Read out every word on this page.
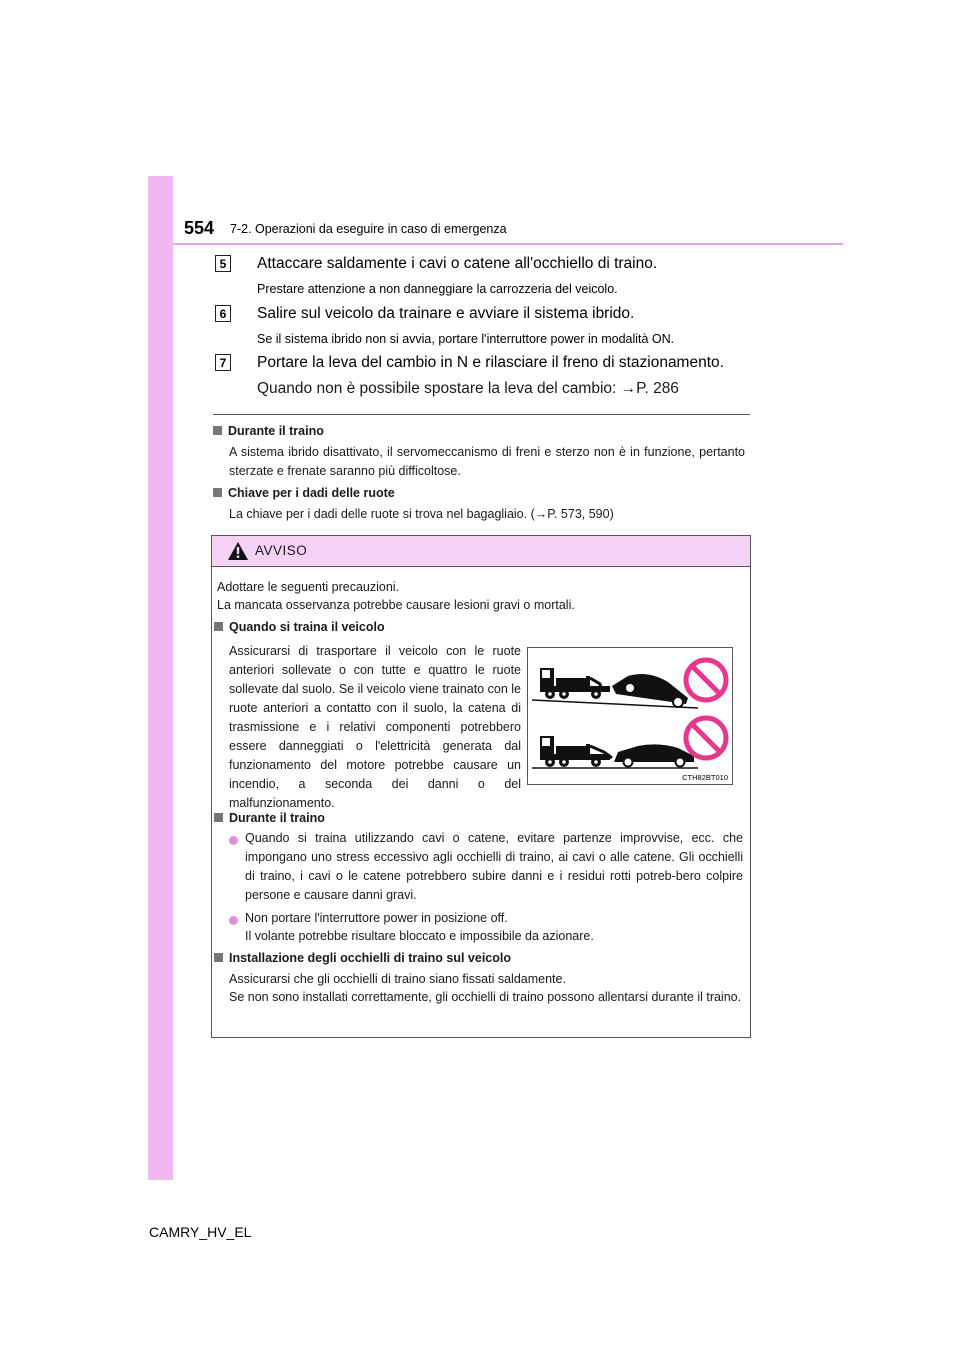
554 7-2. Operazioni da eseguire in caso di emergenza
5	Attaccare saldamente i cavi o catene all'occhiello di traino.
Prestare attenzione a non danneggiare la carrozzeria del veicolo.
6	Salire sul veicolo da trainare e avviare il sistema ibrido.
Se il sistema ibrido non si avvia, portare l'interruttore power in modalità ON.
7	Portare la leva del cambio in N e rilasciare il freno di stazionamento.
Quando non è possibile spostare la leva del cambio: →P. 286
Durante il traino
A sistema ibrido disattivato, il servomeccanismo di freni e sterzo non è in funzione, pertanto sterzate e frenate saranno più difficoltose.
Chiave per i dadi delle ruote
La chiave per i dadi delle ruote si trova nel bagagliaio. (→P. 573, 590)
AVVISO
Adottare le seguenti precauzioni.
La mancata osservanza potrebbe causare lesioni gravi o mortali.
Quando si traina il veicolo
Assicurarsi di trasportare il veicolo con le ruote anteriori sollevate o con tutte e quattro le ruote sollevate dal suolo. Se il veicolo viene trainato con le ruote anteriori a contatto con il suolo, la catena di trasmissione e i relativi componenti potrebbero essere danneggiati o l'elettricità generata dal funzionamento del motore potrebbe causare un incendio, a seconda dei danni o del malfunzionamento.
Durante il traino
Quando si traina utilizzando cavi o catene, evitare partenze improvvise, ecc. che impongano uno stress eccessivo agli occhielli di traino, ai cavi o alle catene. Gli occhielli di traino, i cavi o le catene potrebbero subire danni e i residui rotti potreb-bero colpire persone e causare danni gravi.
Non portare l'interruttore power in posizione off.
Il volante potrebbe risultare bloccato e impossibile da azionare.
Installazione degli occhielli di traino sul veicolo
Assicurarsi che gli occhielli di traino siano fissati saldamente.
Se non sono installati correttamente, gli occhielli di traino possono allentarsi durante il traino.
CTH82BT010
CAMRY_HV_EL
